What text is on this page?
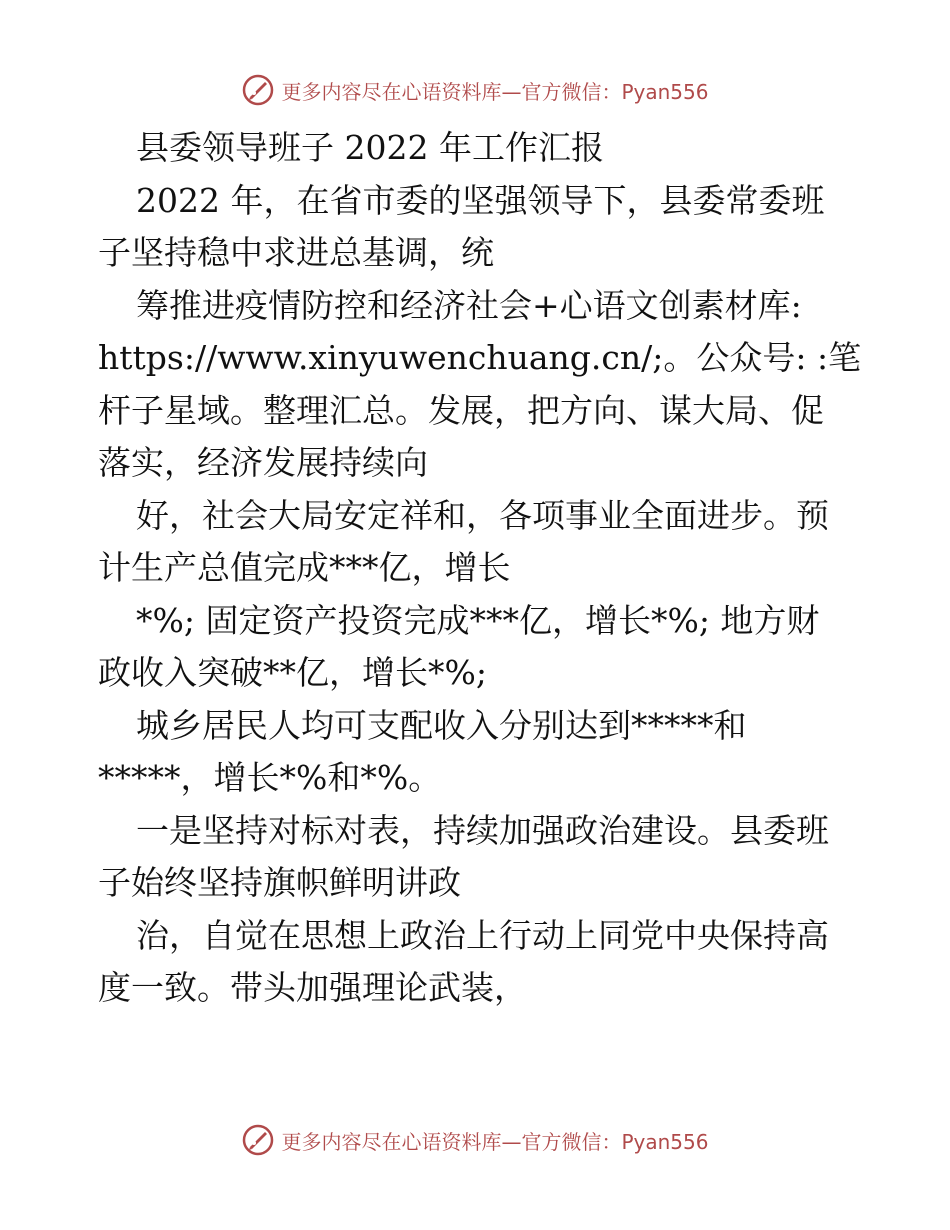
更多内容尽在心语资料库—官方微信：Pyan556
县委领导班子 2022 年工作汇报
2022 年，在省市委的坚强领导下，县委常委班
子坚持稳中求进总基调，统
筹推进疫情防控和经济社会+心语文创素材库:
https://www.xinyuwenchuang.cn/;。公众号: :笔
杆子星域。整理汇总。发展，把方向、谋大局、促
落实，经济发展持续向
好，社会大局安定祥和，各项事业全面进步。预
计生产总值完成***亿，增长
*%; 固定资产投资完成***亿，增长*%; 地方财
政收入突破**亿，增长*%;
城乡居民人均可支配收入分别达到*****和
*****，增长*%和*%。
一是坚持对标对表，持续加强政治建设。县委班
子始终坚持旗帜鲜明讲政
治，自觉在思想上政治上行动上同党中央保持高
度一致。带头加强理论武装，
更多内容尽在心语资料库—官方微信：Pyan556
